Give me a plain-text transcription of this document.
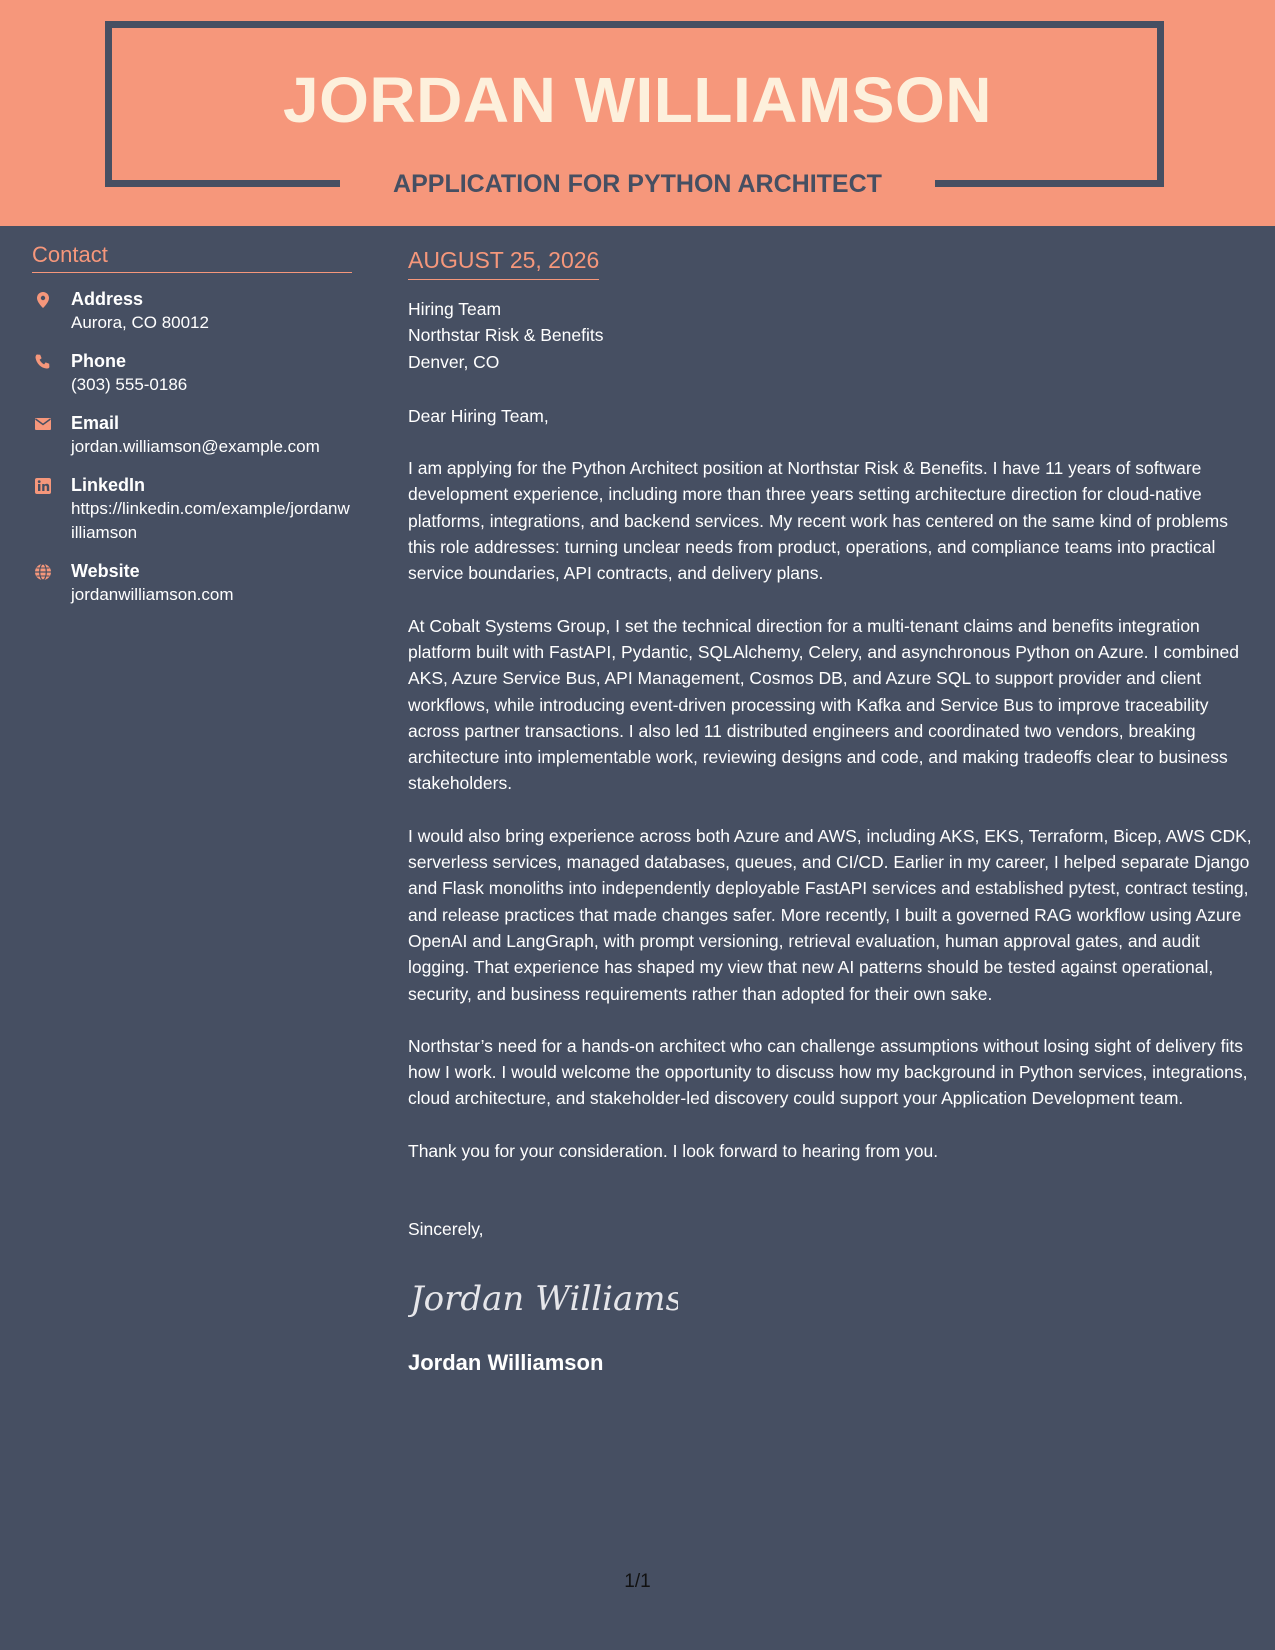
JORDAN WILLIAMSON
APPLICATION FOR PYTHON ARCHITECT
Contact
Address
Aurora, CO 80012
Phone
(303) 555-0186
Email
jordan.williamson@example.com
LinkedIn
https://linkedin.com/example/jordanwilliamson
Website
jordanwilliamson.com
AUGUST 25, 2026
Hiring Team
Northstar Risk & Benefits
Denver, CO
Dear Hiring Team,
I am applying for the Python Architect position at Northstar Risk & Benefits. I have 11 years of software development experience, including more than three years setting architecture direction for cloud-native platforms, integrations, and backend services. My recent work has centered on the same kind of problems this role addresses: turning unclear needs from product, operations, and compliance teams into practical service boundaries, API contracts, and delivery plans.
At Cobalt Systems Group, I set the technical direction for a multi-tenant claims and benefits integration platform built with FastAPI, Pydantic, SQLAlchemy, Celery, and asynchronous Python on Azure. I combined AKS, Azure Service Bus, API Management, Cosmos DB, and Azure SQL to support provider and client workflows, while introducing event-driven processing with Kafka and Service Bus to improve traceability across partner transactions. I also led 11 distributed engineers and coordinated two vendors, breaking architecture into implementable work, reviewing designs and code, and making tradeoffs clear to business stakeholders.
I would also bring experience across both Azure and AWS, including AKS, EKS, Terraform, Bicep, AWS CDK, serverless services, managed databases, queues, and CI/CD. Earlier in my career, I helped separate Django and Flask monoliths into independently deployable FastAPI services and established pytest, contract testing, and release practices that made changes safer. More recently, I built a governed RAG workflow using Azure OpenAI and LangGraph, with prompt versioning, retrieval evaluation, human approval gates, and audit logging. That experience has shaped my view that new AI patterns should be tested against operational, security, and business requirements rather than adopted for their own sake.
Northstar’s need for a hands-on architect who can challenge assumptions without losing sight of delivery fits how I work. I would welcome the opportunity to discuss how my background in Python services, integrations, cloud architecture, and stakeholder-led discovery could support your Application Development team.
Thank you for your consideration. I look forward to hearing from you.
Sincerely,
Jordan Williams
Jordan Williamson
1/1
